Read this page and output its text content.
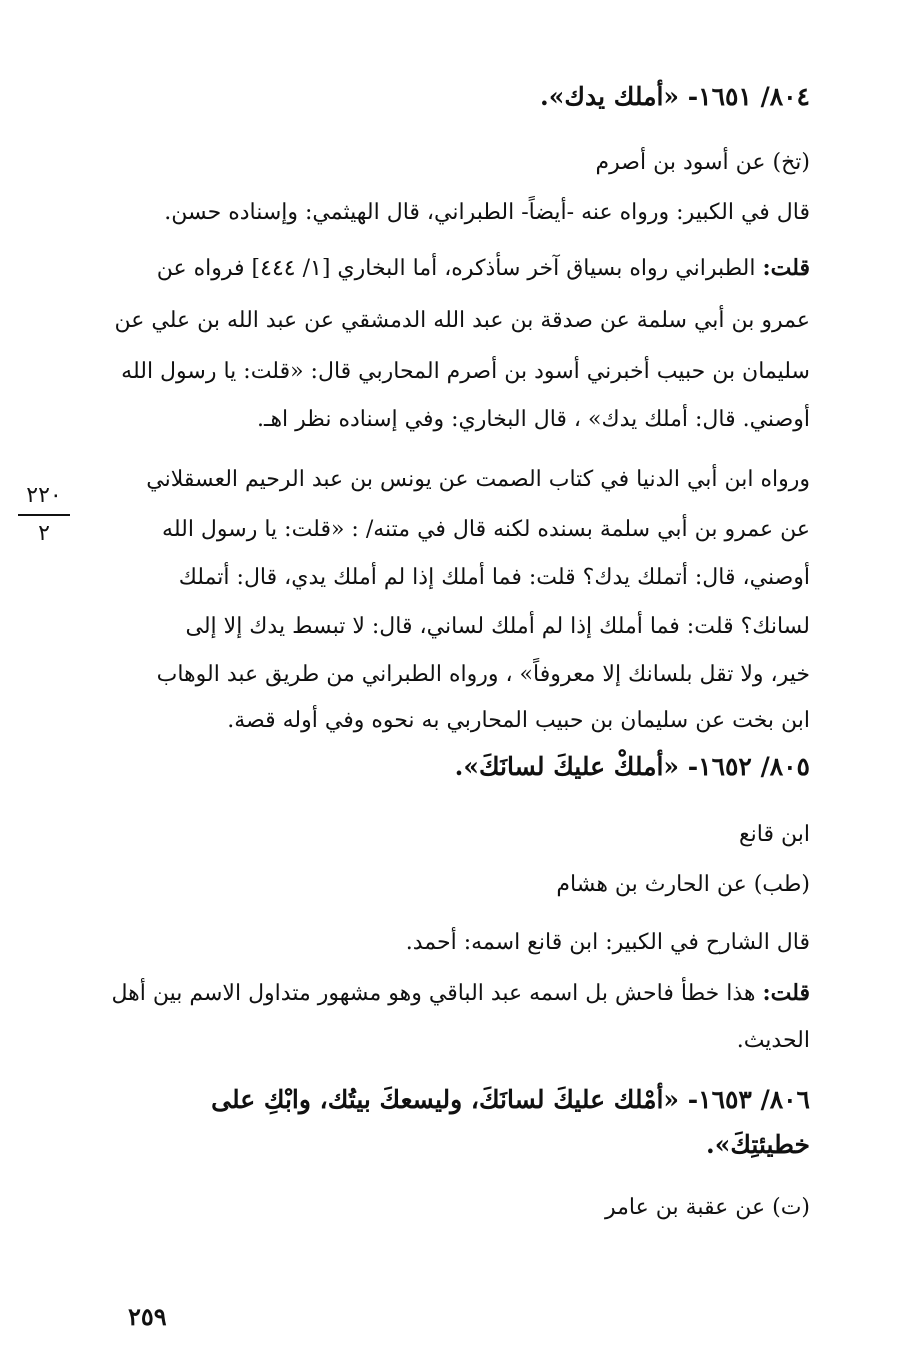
٨٠٤/ ١٦٥١- «أملك يدك».
(تخ) عن أسود بن أصرم
قال في الكبير: ورواه عنه -أيضاً- الطبراني، قال الهيثمي: وإسناده حسن.
قلت: الطبراني رواه بسياق آخر سأذكره، أما البخاري [١/ ٤٤٤] فرواه عن
عمرو بن أبي سلمة عن صدقة بن عبد الله الدمشقي عن عبد الله بن علي عن
سليمان بن حبيب أخبرني أسود بن أصرم المحاربي قال: «قلت: يا رسول الله
أوصني. قال: أملك يدك» ، قال البخاري: وفي إسناده نظر اهـ.
ورواه ابن أبي الدنيا في كتاب الصمت عن يونس بن عبد الرحيم العسقلاني
عن عمرو بن أبي سلمة بسنده لكنه قال في متنه/ : «قلت: يا رسول الله
أوصني، قال: أتملك يدك؟ قلت: فما أملك إذا لم أملك يدي، قال: أتملك
لسانك؟ قلت: فما أملك إذا لم أملك لساني، قال: لا تبسط يدك إلا إلى
خير، ولا تقل بلسانك إلا معروفاً» ، ورواه الطبراني من طريق عبد الوهاب
ابن بخت عن سليمان بن حبيب المحاربي به نحوه وفي أوله قصة.
٨٠٥/ ١٦٥٢- «أملكْ عليكَ لسانَكَ».
ابن قانع
(طب) عن الحارث بن هشام
قال الشارح في الكبير: ابن قانع اسمه: أحمد.
قلت: هذا خطأ فاحش بل اسمه عبد الباقي وهو مشهور متداول الاسم بين أهل
الحديث.
٨٠٦/ ١٦٥٣- «أمْلك عليكَ لسانَكَ، وليسعكَ بيتُك، وابْكِ على
خطيئتِكَ».
(ت) عن عقبة بن عامر
٢٢٠
٢
٢٥٩
